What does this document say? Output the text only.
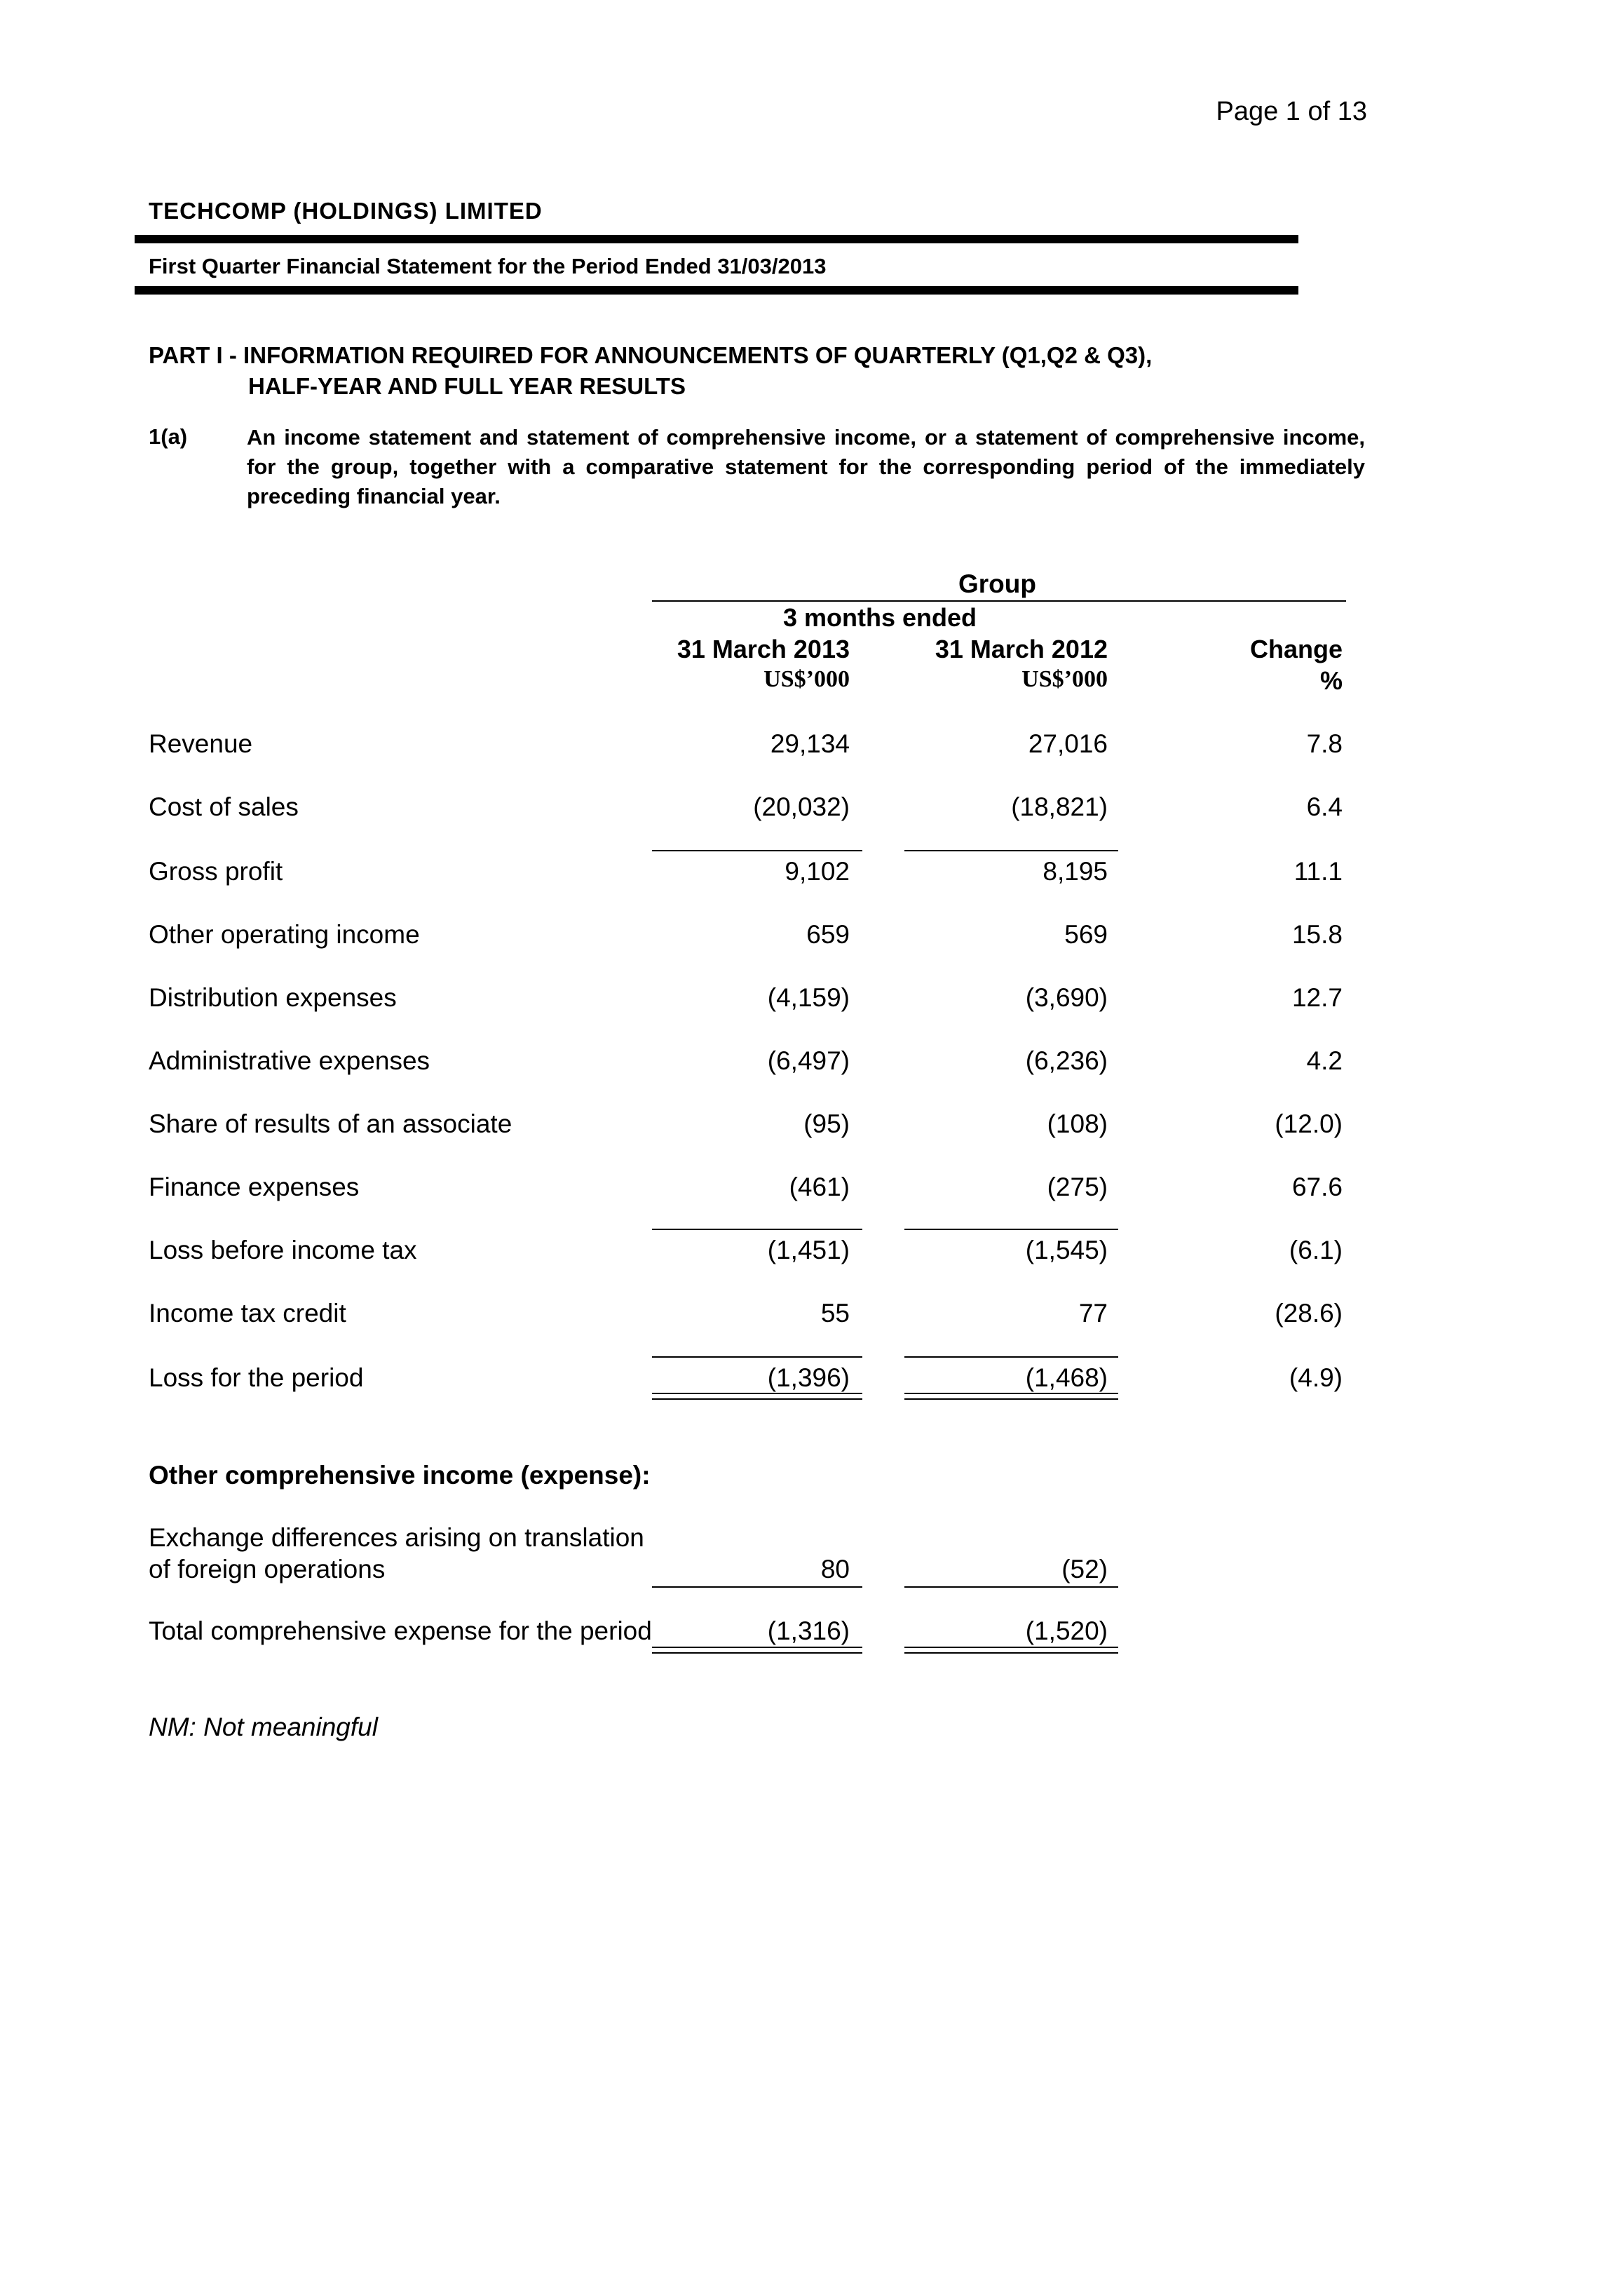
Page 1 of 13
TECHCOMP (HOLDINGS) LIMITED
First Quarter Financial Statement for the Period Ended 31/03/2013
PART I - INFORMATION REQUIRED FOR ANNOUNCEMENTS OF QUARTERLY (Q1,Q2 & Q3),
HALF-YEAR AND FULL YEAR RESULTS
1(a)	An income statement and statement of comprehensive income, or a statement of comprehensive income, for the group, together with a comparative statement for the corresponding period of the immediately preceding financial year.
Group
3 months ended
31 March 2013	31 March 2012	Change
US$’000	US$’000	%
Revenue	29,134	27,016	7.8
Cost of sales	(20,032)	(18,821)	6.4
Gross profit	9,102	8,195	11.1
Other operating income	659	569	15.8
Distribution expenses	(4,159)	(3,690)	12.7
Administrative expenses	(6,497)	(6,236)	4.2
Share of results of an associate	(95)	(108)	(12.0)
Finance expenses	(461)	(275)	67.6
Loss before income tax	(1,451)	(1,545)	(6.1)
Income tax credit	55	77	(28.6)
Loss for the period	(1,396)	(1,468)	(4.9)
Other comprehensive income (expense):
Exchange differences arising on translation
of foreign operations	80	(52)
Total comprehensive expense for the period	(1,316)	(1,520)
NM: Not meaningful
